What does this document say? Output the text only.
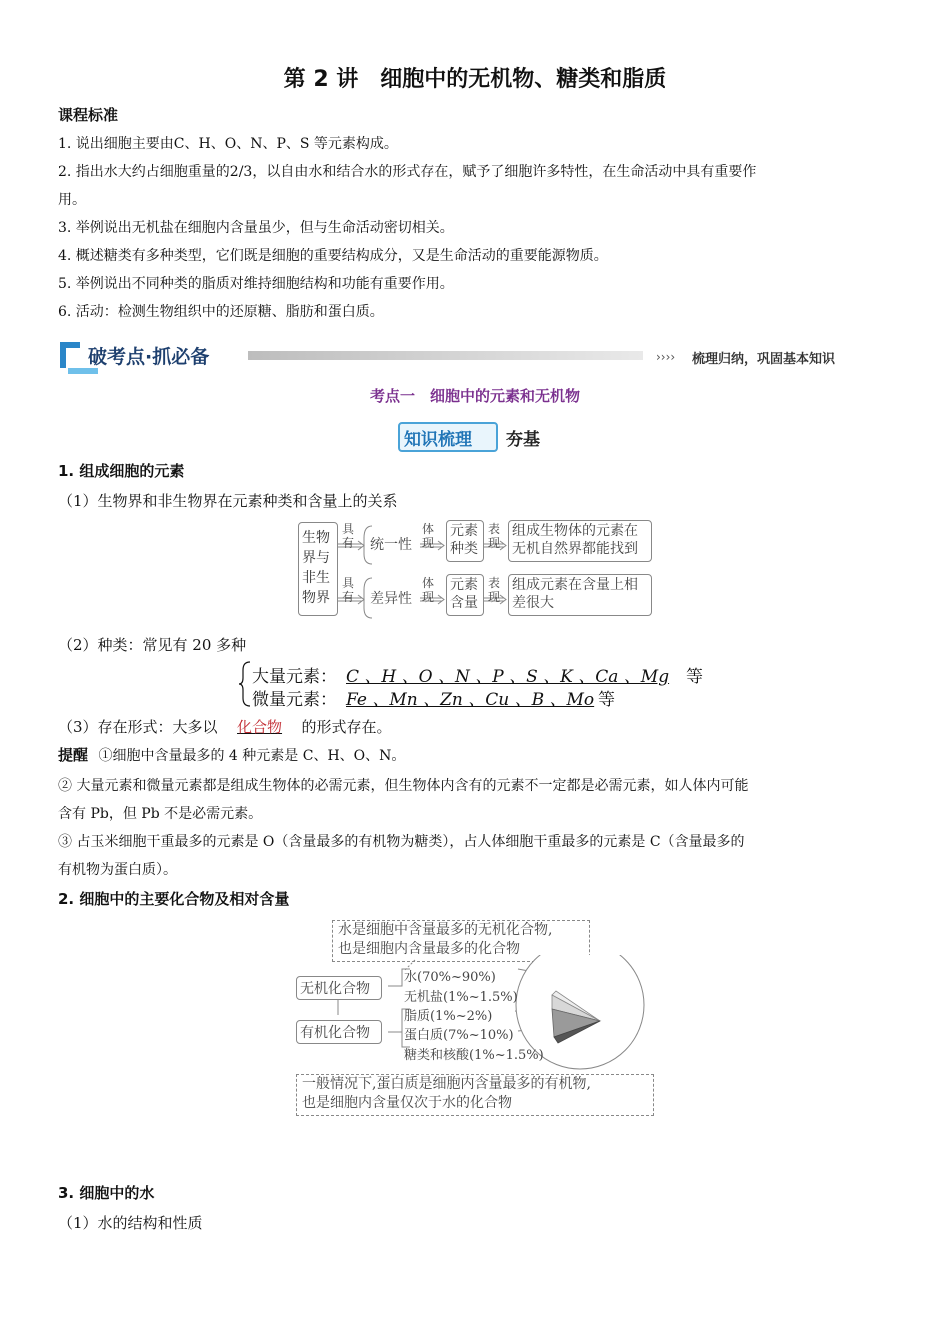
第 2 讲　细胞中的无机物、糖类和脂质
课程标准
1. 说出细胞主要由C、H、O、N、P、S 等元素构成。
2. 指出水大约占细胞重量的2/3，以自由水和结合水的形式存在，赋予了细胞许多特性，在生命活动中具有重要作
用。
3. 举例说出无机盐在细胞内含量虽少，但与生命活动密切相关。
4. 概述糖类有多种类型，它们既是细胞的重要结构成分，又是生命活动的重要能源物质。
5. 举例说出不同种类的脂质对维持细胞结构和功能有重要作用。
6. 活动：检测生物组织中的还原糖、脂肪和蛋白质。
››››
破考点·抓必备	梳理归纳，巩固基本知识
考点一　细胞中的元素和无机物
知识梳理 夯基
1. 组成细胞的元素
（1）生物界和非生物界在元素种类和含量上的关系
生物界与非生物界
具有
具有
统一性
差异性
体现
体现
元素种类
元素含量
表现
表现
组成生物体的元素在无机自然界都能找到
组成元素在含量上相差很大
（2）种类：常见有 20 多种
大量元素： C 、H 、O 、N 、P 、S 、K 、Ca 、Mg 等
微量元素： Fe 、Mn 、Zn 、Cu 、B 、Mo 等
（3）存在形式：大多以 化合物 的形式存在。
提醒 ①细胞中含量最多的 4 种元素是 C、H、O、N。
② 大量元素和微量元素都是组成生物体的必需元素，但生物体内含有的元素不一定都是必需元素，如人体内可能
含有 Pb，但 Pb 不是必需元素。
③ 占玉米细胞干重最多的元素是 O（含量最多的有机物为糖类），占人体细胞干重最多的元素是 C（含量最多的
有机物为蛋白质）。
2. 细胞中的主要化合物及相对含量
水是细胞中含量最多的无机化合物,
也是细胞内含量最多的化合物
无机化合物
有机化合物
水(70%~90%)
无机盐(1%~1.5%)
脂质(1%~2%)
蛋白质(7%~10%)
糖类和核酸(1%~1.5%)
一般情况下,蛋白质是细胞内含量最多的有机物,
也是细胞内含量仅次于水的化合物
3. 细胞中的水
（1）水的结构和性质
